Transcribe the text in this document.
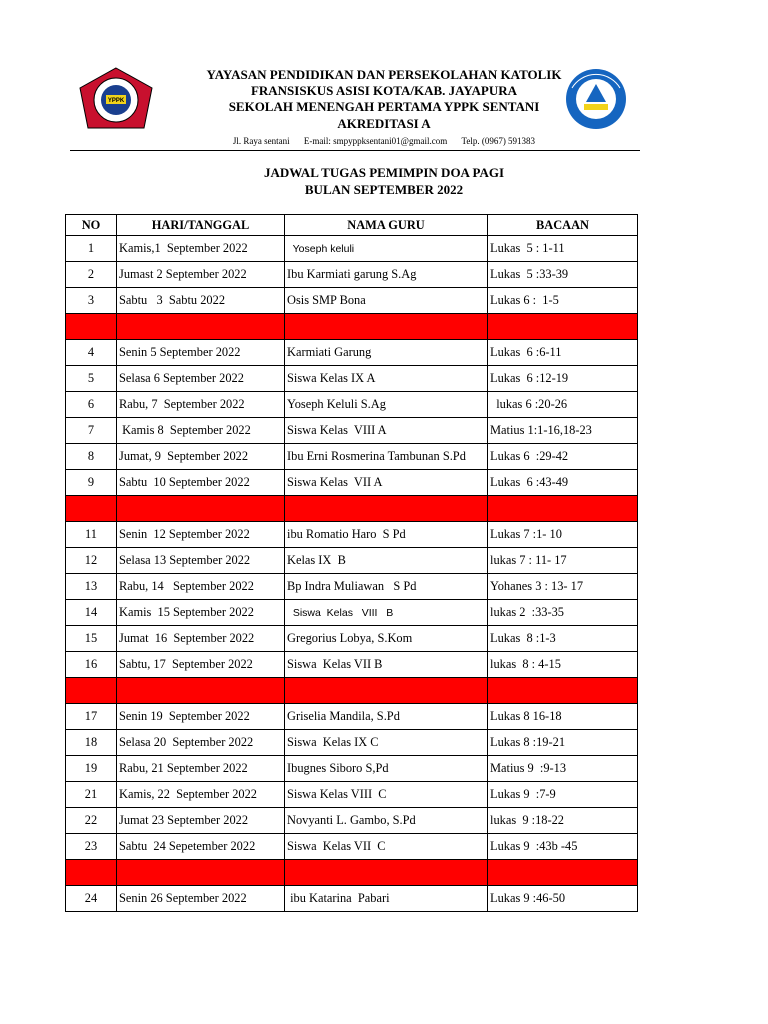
YPPK
YAYASAN PENDIDIKAN DAN PERSEKOLAHAN KATOLIK
FRANSISKUS ASISI KOTA/KAB. JAYAPURA
SEKOLAH MENENGAH PERTAMA YPPK SENTANI
AKREDITASI A
Jl. Raya sentani E-mail: smpyppksentani01@gmail.com Telp. (0967) 591383
JADWAL TUGAS PEMIMPIN DOA PAGI
BULAN SEPTEMBER 2022
NO	HARI/TANGGAL	NAMA GURU	BACAAN
1	Kamis,1  September 2022	Yoseph keluli	Lukas  5 : 1-11
2	Jumast 2 September 2022	Ibu Karmiati garung S.Ag	Lukas  5 :33-39
3	Sabtu   3  Sabtu 2022	Osis SMP Bona	Lukas 6 :  1-5

4	Senin 5 September 2022	Karmiati Garung	Lukas  6 :6-11
5	Selasa 6 September 2022	Siswa Kelas IX A	Lukas  6 :12-19
6	Rabu, 7  September 2022	Yoseph Keluli S.Ag	lukas 6 :20-26
7	Kamis 8  September 2022	Siswa Kelas  VIII A	Matius 1:1-16,18-23
8	Jumat, 9  September 2022	Ibu Erni Rosmerina Tambunan S.Pd	Lukas 6  :29-42
9	Sabtu  10 September 2022	Siswa Kelas  VII A	Lukas  6 :43-49

11	Senin  12 September 2022	ibu Romatio Haro  S Pd	Lukas 7 :1- 10
12	Selasa 13 September 2022	Kelas IX  B	lukas 7 : 11- 17
13	Rabu, 14   September 2022	Bp Indra Muliawan   S Pd	Yohanes 3 : 13- 17
14	Kamis  15 September 2022	Siswa  Kelas   VIII   B	lukas 2  :33-35
15	Jumat  16  September 2022	Gregorius Lobya, S.Kom	Lukas  8 :1-3
16	Sabtu, 17  September 2022	Siswa  Kelas VII B	lukas  8 : 4-15

17	Senin 19  September 2022	Griselia Mandila, S.Pd	Lukas 8 16-18
18	Selasa 20  September 2022	Siswa  Kelas IX C	Lukas 8 :19-21
19	Rabu, 21 September 2022	Ibugnes Siboro S,Pd	Matius 9  :9-13
21	Kamis, 22  September 2022	Siswa Kelas VIII  C	Lukas 9  :7-9
22	Jumat 23 September 2022	Novyanti L. Gambo, S.Pd	lukas  9 :18-22
23	Sabtu  24 Sepetember 2022	Siswa  Kelas VII  C	Lukas 9  :43b -45

24	Senin 26 September 2022	ibu Katarina  Pabari	Lukas 9 :46-50
